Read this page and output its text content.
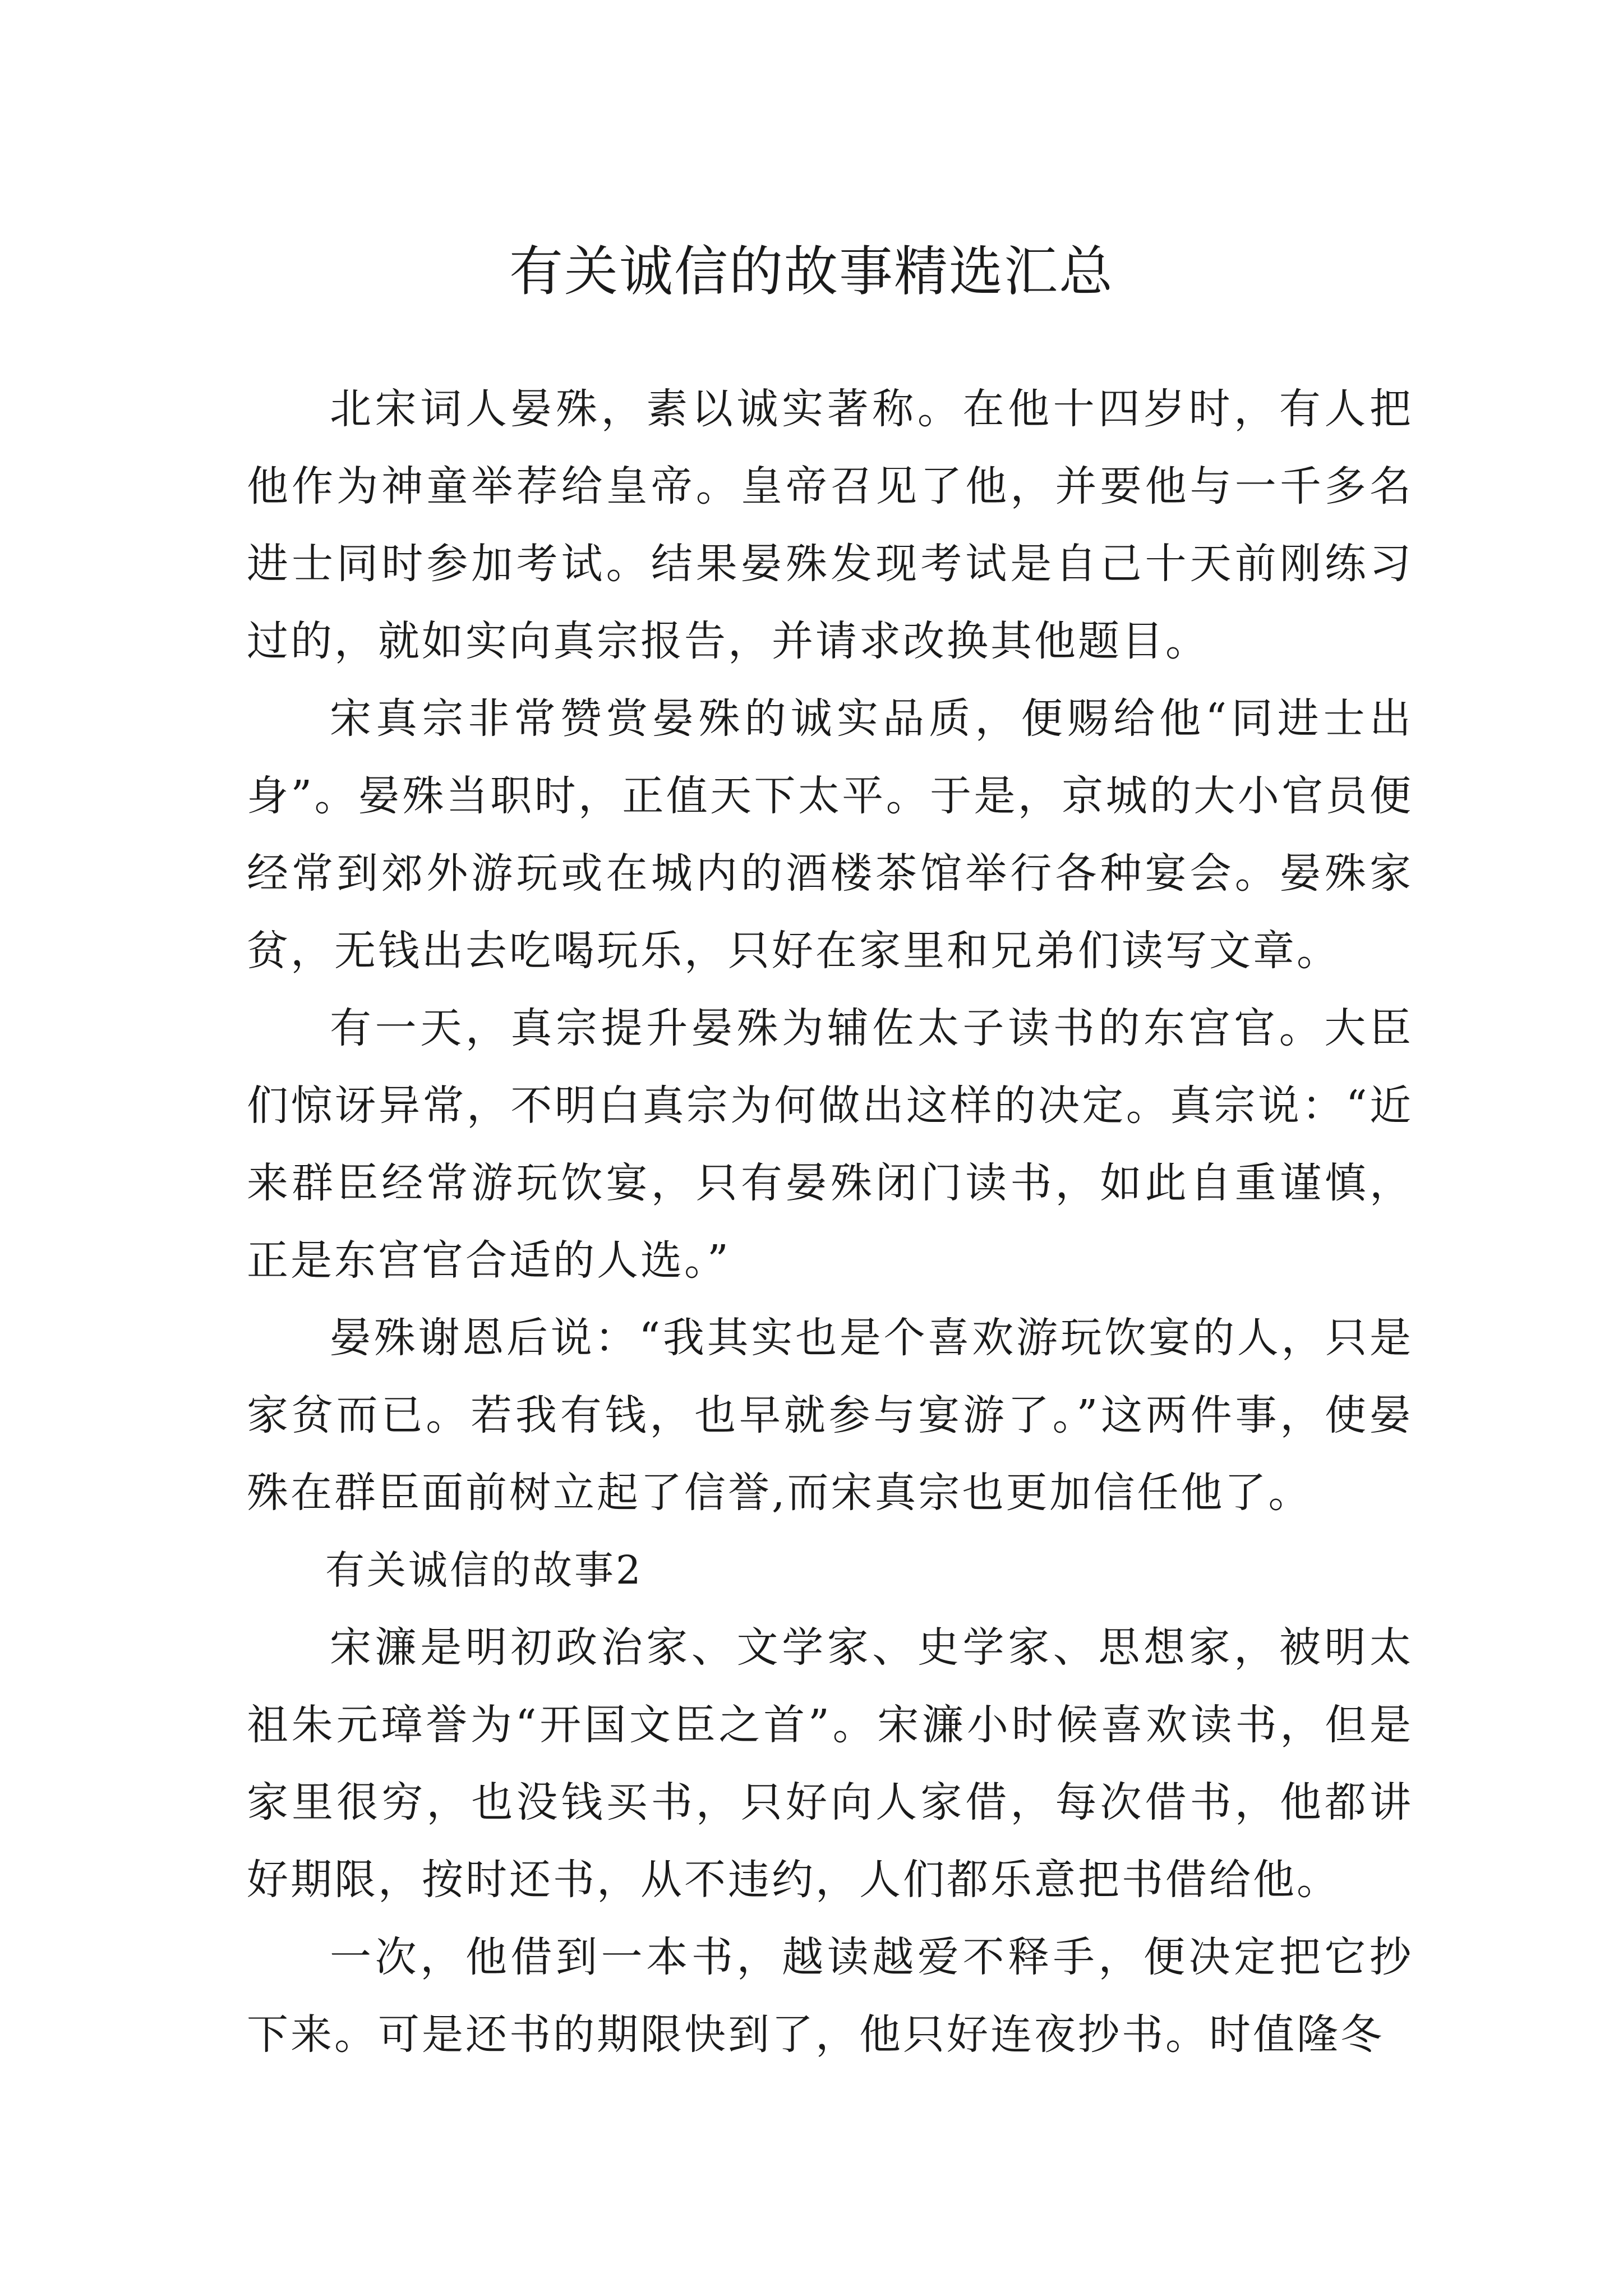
有关诚信的故事精选汇总

北宋词人晏殊，素以诚实著称。在他十四岁时，有人把他作为神童举荐给皇帝。皇帝召见了他，并要他与一千多名进士同时参加考试。结果晏殊发现考试是自己十天前刚练习过的，就如实向真宗报告，并请求改换其他题目。

宋真宗非常赞赏晏殊的诚实品质，便赐给他“同进士出身”。晏殊当职时，正值天下太平。于是，京城的大小官员便经常到郊外游玩或在城内的酒楼茶馆举行各种宴会。晏殊家贫，无钱出去吃喝玩乐，只好在家里和兄弟们读写文章。

有一天，真宗提升晏殊为辅佐太子读书的东宫官。大臣们惊讶异常，不明白真宗为何做出这样的决定。真宗说：“近来群臣经常游玩饮宴，只有晏殊闭门读书，如此自重谨慎，正是东宫官合适的人选。”

晏殊谢恩后说：“我其实也是个喜欢游玩饮宴的人，只是家贫而已。若我有钱，也早就参与宴游了。”这两件事，使晏殊在群臣面前树立起了信誉,而宋真宗也更加信任他了。

有关诚信的故事2

宋濂是明初政治家、文学家、史学家、思想家，被明太祖朱元璋誉为“开国文臣之首”。宋濂小时候喜欢读书，但是家里很穷，也没钱买书，只好向人家借，每次借书，他都讲好期限，按时还书，从不违约，人们都乐意把书借给他。

一次，他借到一本书，越读越爱不释手，便决定把它抄下来。可是还书的期限快到了，他只好连夜抄书。时值隆冬
